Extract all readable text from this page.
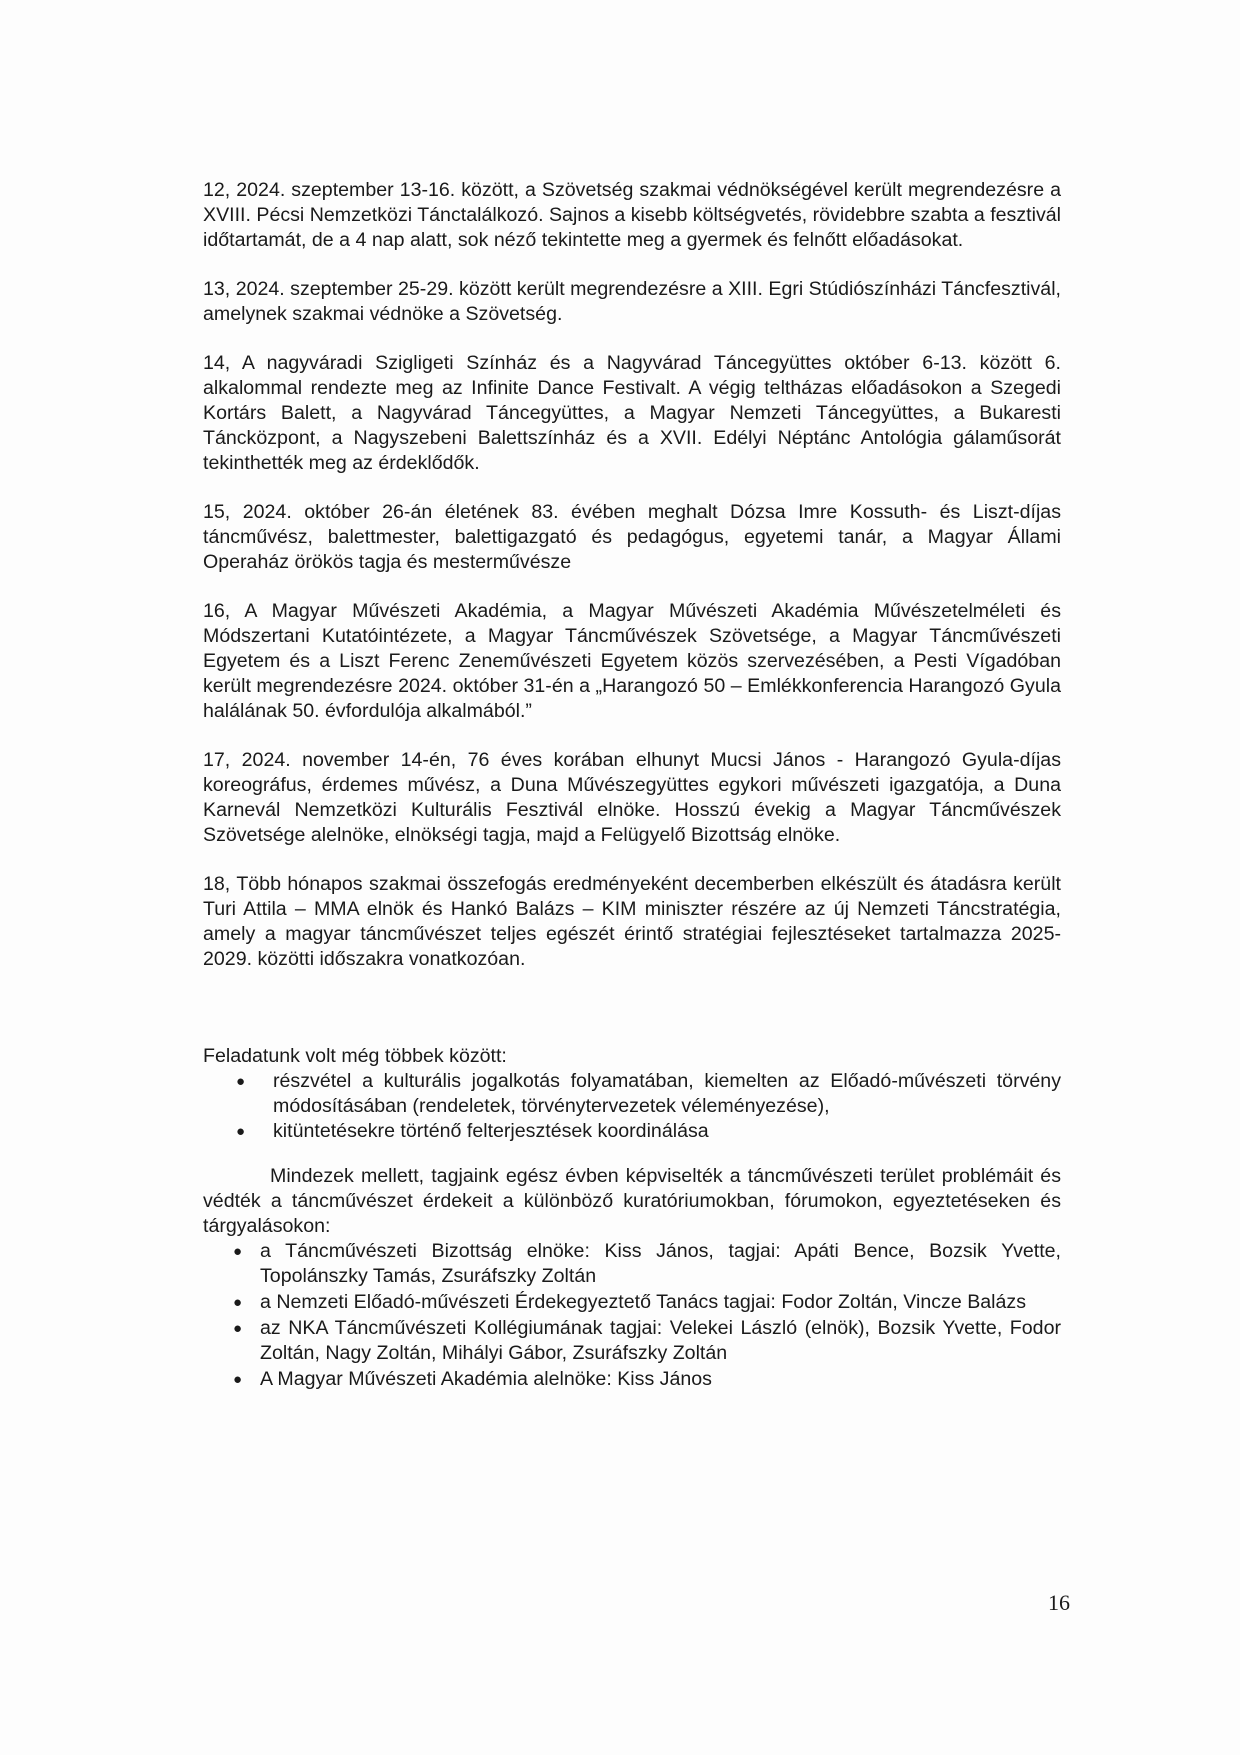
12, 2024. szeptember 13-16. között, a Szövetség szakmai védnökségével került megrendezésre a XVIII. Pécsi Nemzetközi Tánctalálkozó. Sajnos a kisebb költségvetés, rövidebbre szabta a fesztivál időtartamát, de a 4 nap alatt, sok néző tekintette meg a gyermek és felnőtt előadásokat.

13, 2024. szeptember 25-29. között került megrendezésre a XIII. Egri Stúdiószínházi Táncfesztivál, amelynek szakmai védnöke a Szövetség.

14, A nagyváradi Szigligeti Színház és a Nagyvárad Táncegyüttes október 6-13. között 6. alkalommal rendezte meg az Infinite Dance Festivalt. A végig teltházas előadásokon a Szegedi Kortárs Balett, a Nagyvárad Táncegyüttes, a Magyar Nemzeti Táncegyüttes, a Bukaresti Táncközpont, a Nagyszebeni Balettszínház és a XVII. Edélyi Néptánc Antológia gálaműsorát tekinthették meg az érdeklődők.

15, 2024. október 26-án életének 83. évében meghalt Dózsa Imre Kossuth- és Liszt-díjas táncművész, balettmester, balettigazgató és pedagógus, egyetemi tanár, a Magyar Állami Operaház örökös tagja és mesterművésze

16, A Magyar Művészeti Akadémia, a Magyar Művészeti Akadémia Művészetelméleti és Módszertani Kutatóintézete, a Magyar Táncművészek Szövetsége, a Magyar Táncművészeti Egyetem és a Liszt Ferenc Zeneművészeti Egyetem közös szervezésében, a Pesti Vígadóban került megrendezésre 2024. október 31-én a „Harangozó 50 – Emlékkonferencia Harangozó Gyula halálának 50. évfordulója alkalmából.”

17, 2024. november 14-én, 76 éves korában elhunyt Mucsi János - Harangozó Gyula-díjas koreográfus, érdemes művész, a Duna Művészegyüttes egykori művészeti igazgatója, a Duna Karnevál Nemzetközi Kulturális Fesztivál elnöke. Hosszú évekig a Magyar Táncművészek Szövetsége alelnöke, elnökségi tagja, majd a Felügyelő Bizottság elnöke.

18, Több hónapos szakmai összefogás eredményeként decemberben elkészült és átadásra került Turi Attila – MMA elnök és Hankó Balázs – KIM miniszter részére az új Nemzeti Táncstratégia, amely a magyar táncművészet teljes egészét érintő stratégiai fejlesztéseket tartalmazza 2025-2029. közötti időszakra vonatkozóan.

Feladatunk volt még többek között:

● részvétel a kulturális jogalkotás folyamatában, kiemelten az Előadó-művészeti törvény módosításában (rendeletek, törvénytervezetek véleményezése),
● kitüntetésekre történő felterjesztések koordinálása

Mindezek mellett, tagjaink egész évben képviselték a táncművészeti terület problémáit és védték a táncművészet érdekeit a különböző kuratóriumokban, fórumokon, egyeztetéseken és tárgyalásokon:

● a Táncművészeti Bizottság elnöke: Kiss János, tagjai: Apáti Bence, Bozsik Yvette, Topolánszky Tamás, Zsuráfszky Zoltán
● a Nemzeti Előadó-művészeti Érdekegyeztető Tanács tagjai: Fodor Zoltán, Vincze Balázs
● az NKA Táncművészeti Kollégiumának tagjai: Velekei László (elnök), Bozsik Yvette, Fodor Zoltán, Nagy Zoltán, Mihályi Gábor, Zsuráfszky Zoltán
● A Magyar Művészeti Akadémia alelnöke: Kiss János
16
